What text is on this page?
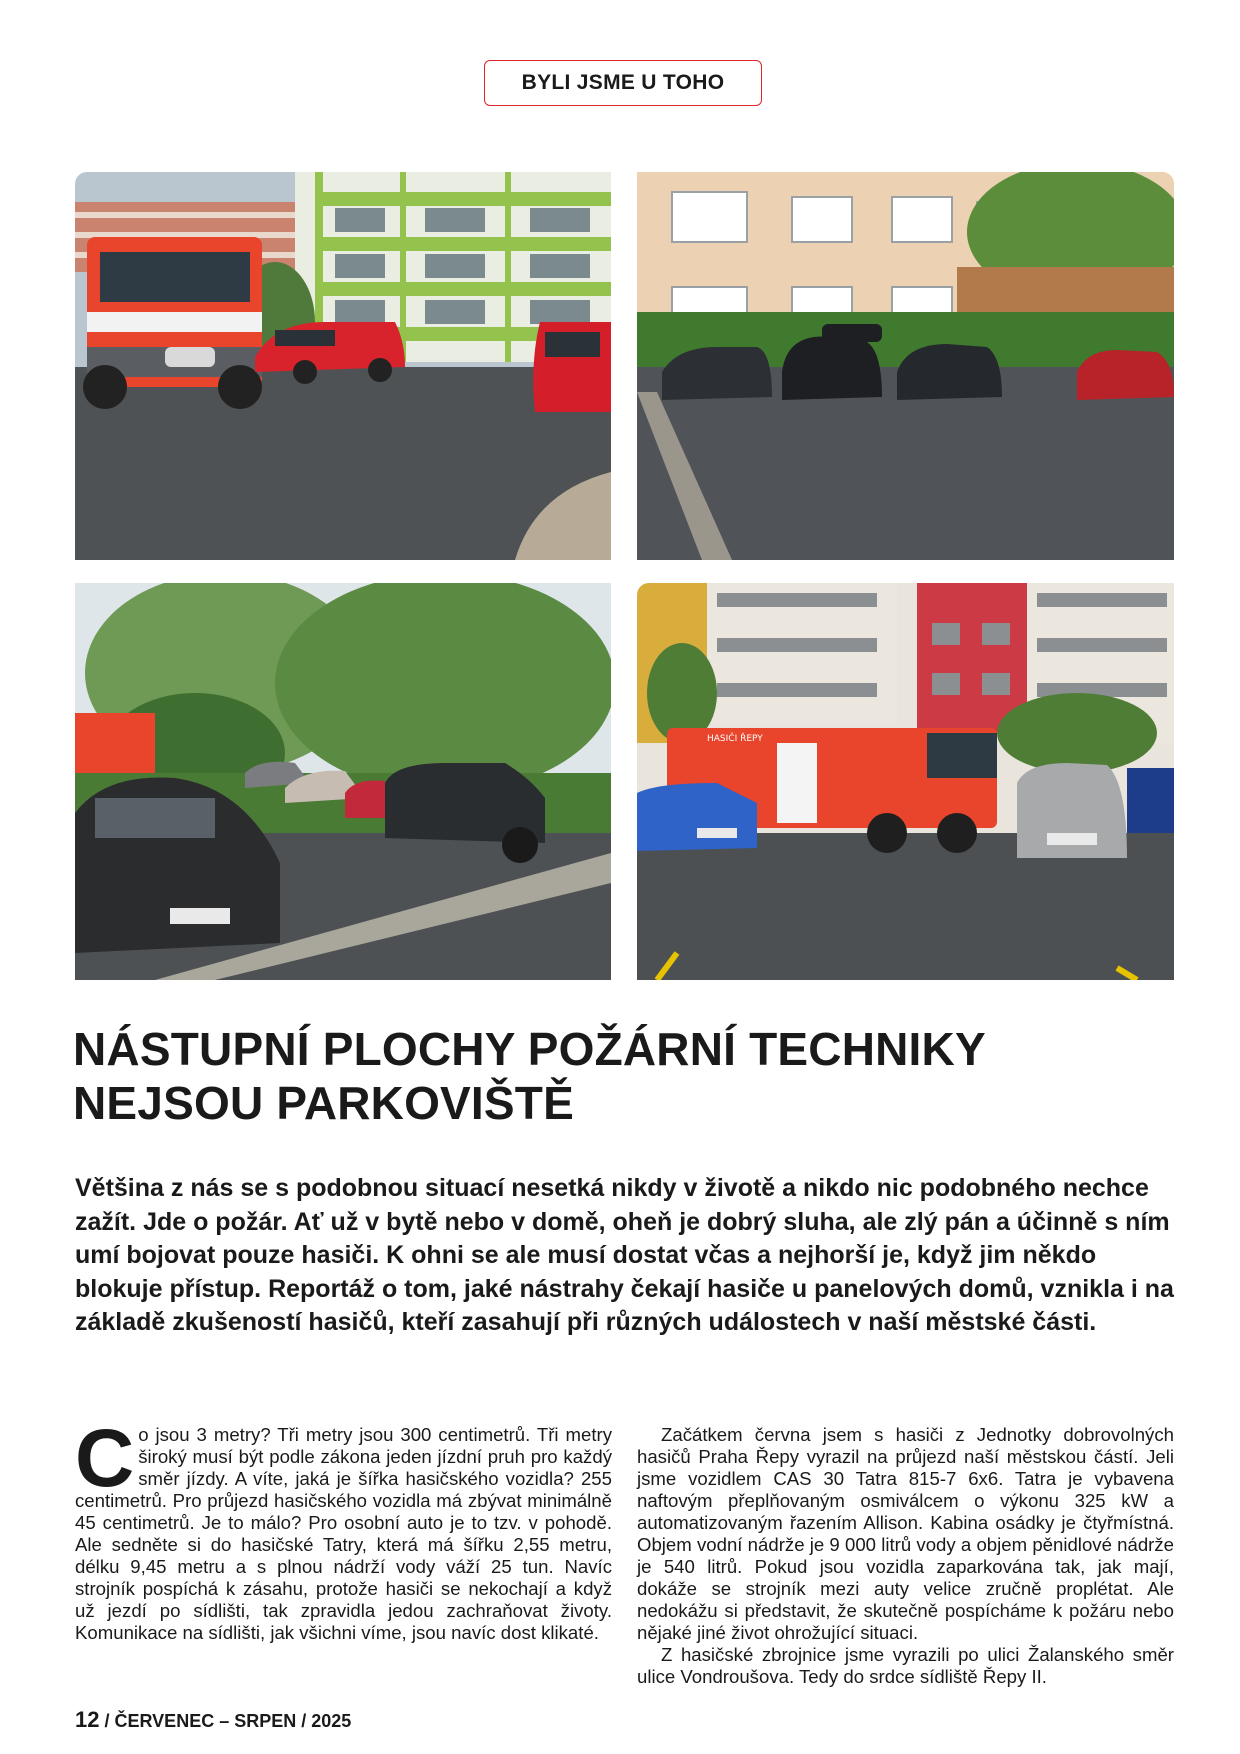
BYLI JSME U TOHO
HASIČI ŘEPY
NÁSTUPNÍ PLOCHY POŽÁRNÍ TECHNIKY
NEJSOU PARKOVIŠTĚ

Většina z nás se s podobnou situací nesetká nikdy v životě a nikdo nic podobného nechce zažít. Jde o požár. Ať už v bytě nebo v domě, oheň je dobrý sluha, ale zlý pán a účinně s ním umí bojovat pouze hasiči. K ohni se ale musí dostat včas a nejhorší je, když jim někdo blokuje přístup. Reportáž o tom, jaké nástrahy čekají hasiče u panelových domů, vznikla i na základě zkušeností hasičů, kteří zasahují při různých událostech v naší městské části.

C o jsou 3 metry? Tři metry jsou 300 centimetrů. Tři metry široký musí být podle zákona jeden jízdní pruh pro každý směr jízdy. A víte, jaká je šířka hasičského vozidla? 255 centimetrů. Pro průjezd hasičského vozidla má zbývat minimálně 45 centimetrů. Je to málo? Pro osobní auto je to tzv. v pohodě. Ale sedněte si do hasičské Tatry, která má šířku 2,55 metru, délku 9,45 metru a s plnou nádrží vody váží 25 tun. Navíc strojník pospíchá k zásahu, protože hasiči se nekochají a když už jezdí po sídlišti, tak zpravidla jedou zachraňovat životy. Komunikace na sídlišti, jak všichni víme, jsou navíc dost klikaté.

Začátkem června jsem s hasiči z Jednotky dobrovolných hasičů Praha Řepy vyrazil na průjezd naší městskou částí. Jeli jsme vozidlem CAS 30 Tatra 815-7 6x6. Tatra je vybavena naftovým přeplňovaným osmiválcem o výkonu 325 kW a automatizovaným řazením Allison. Kabina osádky je čtyřmístná. Objem vodní nádrže je 9 000 litrů vody a objem pěnidlové nádrže je 540 litrů. Pokud jsou vozidla zaparkována tak, jak mají, dokáže se strojník mezi auty velice zručně proplétat. Ale nedokážu si představit, že skutečně pospícháme k požáru nebo nějaké jiné život ohrožující situaci.

Z hasičské zbrojnice jsme vyrazili po ulici Žalanského směr ulice Vondroušova. Tedy do srdce sídliště Řepy II.

12 / ČERVENEC – SRPEN / 2025
